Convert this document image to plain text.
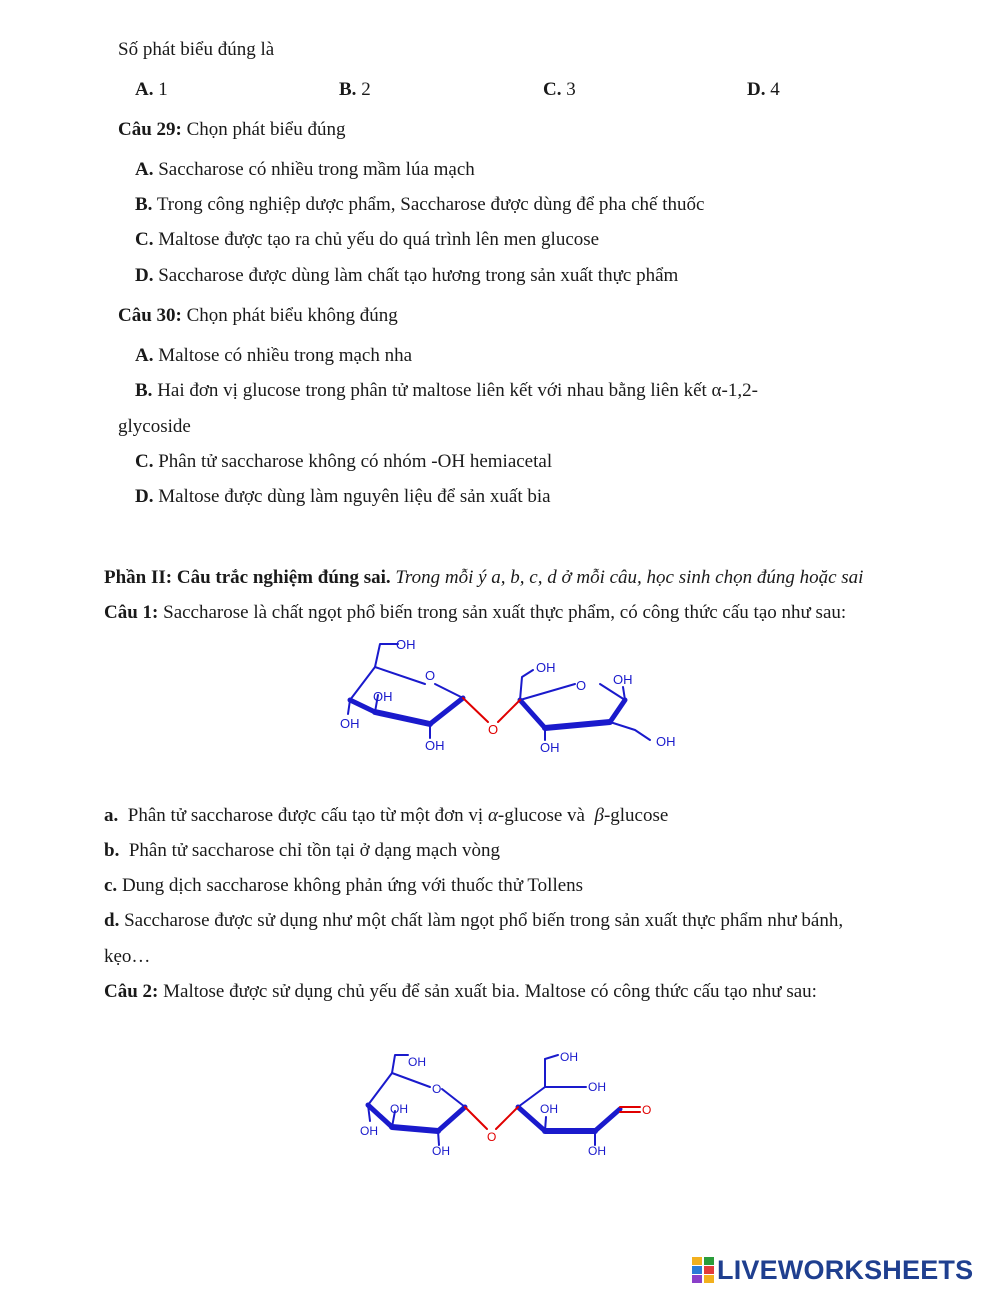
Số phát biểu đúng là
A. 1	B. 2	C. 3	D. 4
Câu 29: Chọn phát biểu đúng
A. Saccharose có nhiều trong mầm lúa mạch
B. Trong công nghiệp dược phẩm, Saccharose được dùng để pha chế thuốc
C. Maltose được tạo ra chủ yếu do quá trình lên men glucose
D. Saccharose được dùng làm chất tạo hương trong sản xuất thực phẩm
Câu 30: Chọn phát biểu không đúng
A. Maltose có nhiều trong mạch nha
B. Hai đơn vị glucose trong phân tử maltose liên kết với nhau bằng liên kết α-1,2-
glycoside
C. Phân tử saccharose không có nhóm -OH hemiacetal
D. Maltose được dùng làm nguyên liệu để sản xuất bia
Phần II: Câu trắc nghiệm đúng sai. Trong mỗi ý a, b, c, d ở mỗi câu, học sinh chọn đúng hoặc sai
Câu 1: Saccharose là chất ngọt phổ biến trong sản xuất thực phẩm, có công thức cấu tạo như sau:
OH
O
OH
OH
OH
OH
O OH
OH	OH
O
a. Phân tử saccharose được cấu tạo từ một đơn vị α-glucose và β-glucose
b. Phân tử saccharose chỉ tồn tại ở dạng mạch vòng
c. Dung dịch saccharose không phản ứng với thuốc thử Tollens
d. Saccharose được sử dụng như một chất làm ngọt phổ biến trong sản xuất thực phẩm như bánh,
kẹo…
Câu 2: Maltose được sử dụng chủ yếu để sản xuất bia. Maltose có công thức cấu tạo như sau:
OH
O
OH
OH
OH
OH
OH
OH
OH
O
O
LIVEWORKSHEETS
